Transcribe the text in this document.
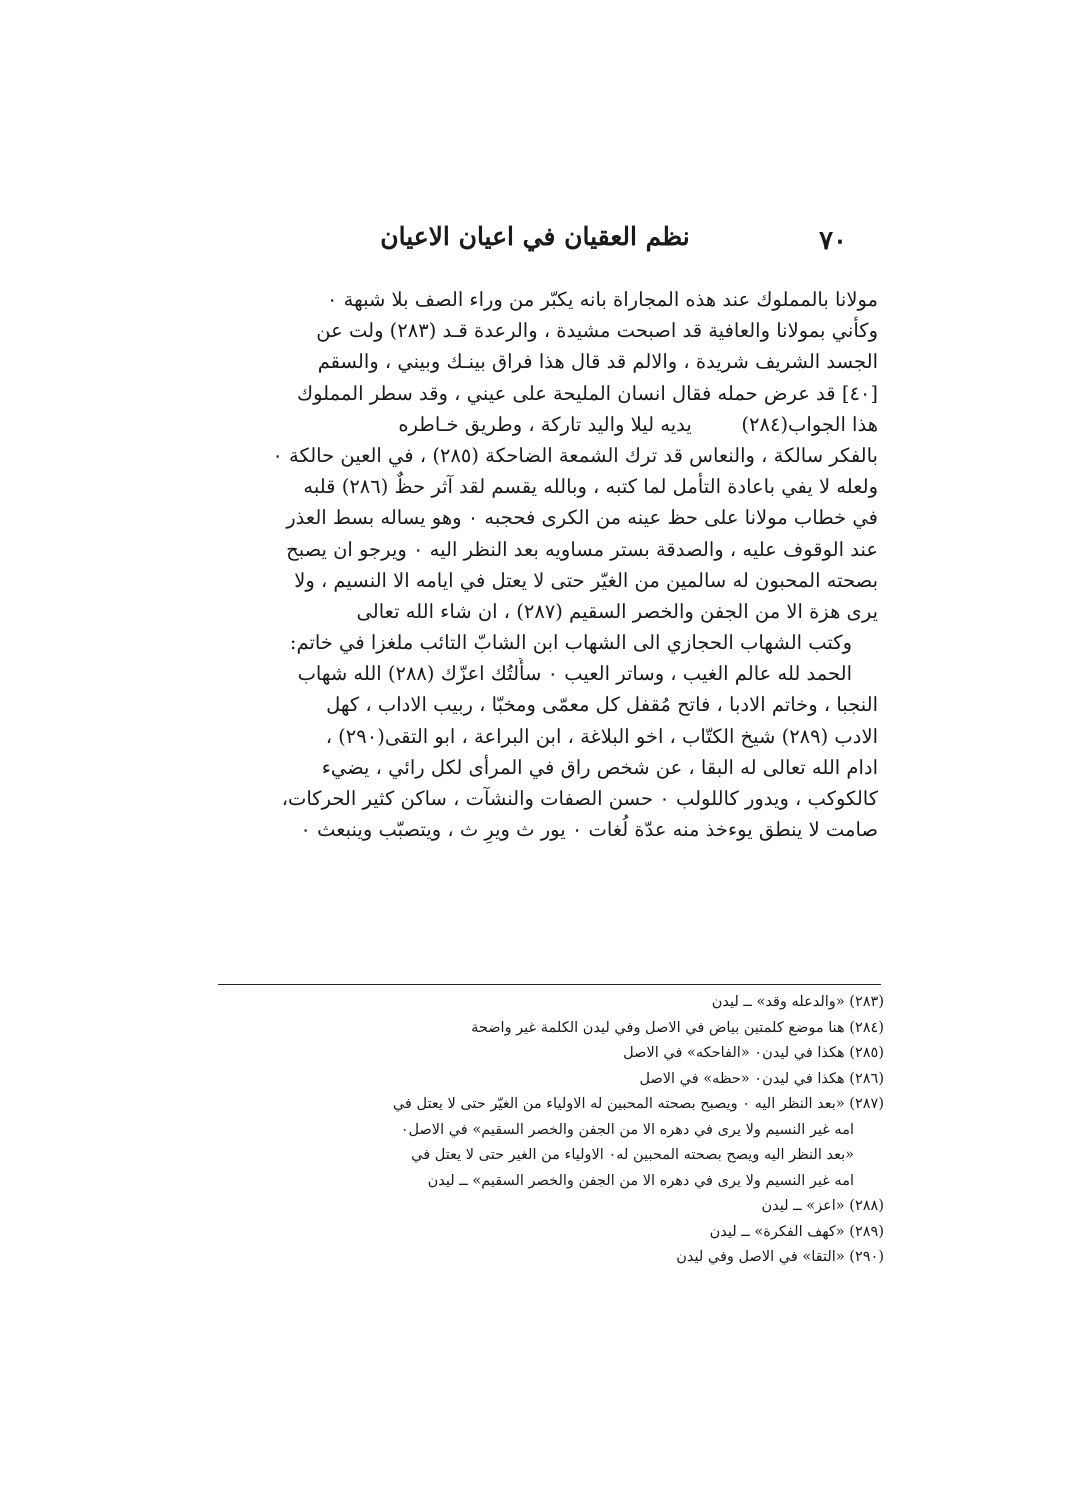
نظم العقيان في اعيان الاعيان	٧٠
مولانا بالمملوك عند هذه المجاراة بانه يكبّر من وراء الصف بلا شبهة ٠
وكأني بمولانا والعافية قد اصبحت مشيدة ، والرعدة قـد (٢٨٣) ولت عن
الجسد الشريف شريدة ، والالم قد قال هذا فراق بينـك وبيني ، والسقم
[٤٠] قد عرض حمله فقال انسان المليحة على عيني ، وقد سطر المملوك
هذا الجواب(٢٨٤)        يديه ليلا واليد تاركة ، وطريق خـاطره
بالفكر سالكة ، والنعاس قد ترك الشمعة الضاحكة (٢٨٥) ، في العين حالكة ٠
ولعله لا يفي باعادة التأمل لما كتبه ، وبالله يقسم لقد آثر حظٌ (٢٨٦) قلبه
في خطاب مولانا على حظ عينه من الكرى فحجبه ٠ وهو يساله بسط العذر
عند الوقوف عليه ، والصدقة بستر مساويه بعد النظر اليه ٠ ويرجو ان يصبح
بصحته المحبون له سالمين من الغيّر حتى لا يعتل في ايامه الا النسيم ، ولا
يرى هزة الا من الجفن والخصر السقيم (٢٨٧) ، ان شاء الله تعالى
وكتب الشهاب الحجازي الى الشهاب ابن الشابّ التائب ملغزا في خاتم:
الحمد لله عالم الغيب ، وساتر العيب ٠ سأَلتُك اعزّك (٢٨٨) الله شهاب
النجبا ، وخاتم الادبا ، فاتح مُقفل كل معمّى ومخبّا ، ربيب الاداب ، كهل
الادب (٢٨٩) شيخ الكتّاب ، اخو البلاغة ، ابن البراعة ، ابو التقى(٢٩٠) ،
ادام الله تعالى له البقا ، عن شخص راق في المرأى لكل رائي ، يضيء
كالكوكب ، ويدور كاللولب ٠ حسن الصفات والنشآت ، ساكن كثير الحركات،
صامت لا ينطق يوءخذ منه عدّة لُغات ٠ يور ث ويرِ ث ، ويتصبّب وينبعث ٠
(٢٨٣) «والدعله وقد» ــ ليدن
(٢٨٤) هنا موضع كلمتين بياض في الاصل وفي ليدن الكلمة غير واضحة
(٢٨٥) هكذا في ليدن٠ «الفاحكه» في الاصل
(٢٨٦) هكذا في ليدن٠ «حظه» في الاصل
(٢٨٧) «بعد النظر اليه ٠ ويصبح بصحته المحبين له الاولياء من الغيّر حتى لا يعتل في
امه غير النسيم ولا يرى في دهره الا من الجفن والخصر السقيم» في الاصل٠
«بعد النظر اليه ويصح بصحته المحبين له٠ الاولياء من الغير حتى لا يعتل في
امه غير النسيم ولا يرى في دهره الا من الجفن والخصر السقيم» ــ ليدن
(٢٨٨) «اعز» ــ ليدن
(٢٨٩) «كهف الفكرة» ــ ليدن
(٢٩٠) «التقا» في الاصل وفي ليدن
